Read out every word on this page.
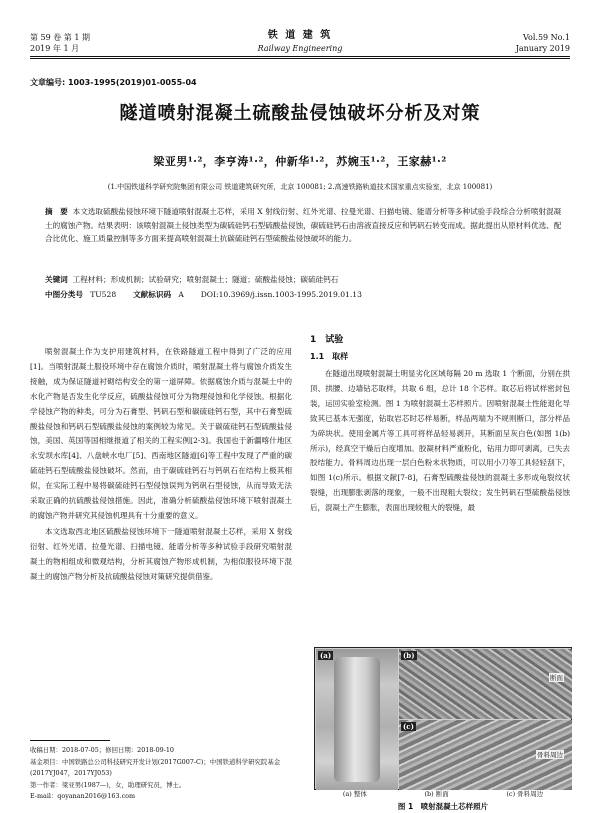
第 59 卷 第 1 期
2019 年 1 月
铁 道 建 筑
Railway Engineering
Vol.59 No.1
January 2019
文章编号: 1003-1995(2019)01-0055-04
隧道喷射混凝土硫酸盐侵蚀破坏分析及对策
梁亚男¹·²，李亨涛¹·²，仲新华¹·²，苏婉玉¹·²，王家赫¹·²
(1.中国铁道科学研究院集团有限公司 铁道建筑研究所，北京 100081; 2.高速铁路轨道技术国家重点实验室，北京 100081)
摘　要 本文选取硫酸盐侵蚀环境下隧道喷射混凝土芯样，采用 X 射线衍射、红外光谱、拉曼光谱、扫描电镜、能谱分析等多种试验手段综合分析喷射混凝土的腐蚀产物。结果表明：该喷射混凝土侵蚀类型为碳硫硅钙石型硫酸盐侵蚀，碳硫硅钙石由溶液直接反应和钙矾石转变而成。据此提出从原材料优选、配合比优化、施工质量控制等多方面来提高喷射混凝土抗碳硫硅钙石型硫酸盐侵蚀破坏的能力。
关键词 工程材料；形成机制；试验研究；喷射混凝土；隧道；硫酸盐侵蚀；碳硫硅钙石
中图分类号 TU528 文献标识码 A DOI:10.3969/j.issn.1003-1995.2019.01.13

喷射混凝土作为支护用建筑材料，在铁路隧道工程中得到了广泛的应用[1]。当喷射混凝土服役环境中存在腐蚀介质时，喷射混凝土将与腐蚀介质发生接触，成为保证隧道衬砌结构安全的第一道屏障。依据腐蚀介质与混凝土中的水化产物是否发生化学反应，硫酸盐侵蚀可分为物理侵蚀和化学侵蚀。根据化学侵蚀产物的种类，可分为石膏型、钙矾石型和碳硫硅钙石型，其中石膏型硫酸盐侵蚀和钙矾石型硫酸盐侵蚀的案例较为常见。关于碳硫硅钙石型硫酸盐侵蚀，美国、英国等国相继报道了相关的工程实例[2-3]。我国也于新疆喀什地区永安坝水库[4]、八盘峡水电厂[5]、西南地区隧道[6]等工程中发现了严重的碳硫硅钙石型硫酸盐侵蚀破坏。然而，由于碳硫硅钙石与钙矾石在结构上极其相似，在实际工程中易将碳硫硅钙石型侵蚀误判为钙矾石型侵蚀，从而导致无法采取正确的抗硫酸盐侵蚀措施。因此，准确分析硫酸盐侵蚀环境下喷射混凝土的腐蚀产物并研究其侵蚀机理具有十分重要的意义。

本文选取西北地区硫酸盐侵蚀环境下一隧道喷射混凝土芯样，采用 X 射线衍射、红外光谱、拉曼光谱、扫描电镜、能谱分析等多种试验手段研究喷射混凝土的物相组成和微观结构，分析其腐蚀产物形成机制，为相似服役环境下混凝土的腐蚀产物分析及抗硫酸盐侵蚀对策研究提供借鉴。

收稿日期：2018-07-05；修回日期：2018-09-10

基金项目：中国铁路总公司科技研究开发计划(2017G007-C)；中国铁道科学研究院基金(2017YJ047，2017YJ053)

第一作者：梁亚男(1987—)，女，助理研究员，博士。

E-mail：qoyanan2016@163.com

1　试验
1.1　取样
在隧道出现喷射混凝土明显劣化区域每隔 20 m 选取 1 个断面，分别在拱顶、拱腰、边墙钻芯取样，共取 6 组，总计 18 个芯样。取芯后将试样密封包装，运回实验室检测。图 1 为喷射混凝土芯样照片。因喷射混凝土性能退化导致其已基本无强度，钻取岩芯时芯样易断，样品两端为不规则断口，部分样品为碎块状。使用金属片等工具可将样品轻易剥开，其断面呈灰白色(如图 1(b)所示)，经真空干燥后白度增加。胶凝材料严重粉化，钻用力即可剥离，已失去胶结能力。骨料周边出现一层白色粉末状物质，可以用小刀等工具轻轻刮下，如图 1(c)所示。根据文献[7-8]，石膏型硫酸盐侵蚀的混凝土多形成龟裂纹状裂缝，出现膨胀剥落的现象，一般不出现粗大裂纹；发生钙矾石型硫酸盐侵蚀后，混凝土产生膨胀，表面出现较粗大的裂缝，最
(a)	(b)
断面
(c)
骨料周边
(a) 整体	(b) 断面	(c) 骨料周边
图 1　喷射混凝土芯样照片
